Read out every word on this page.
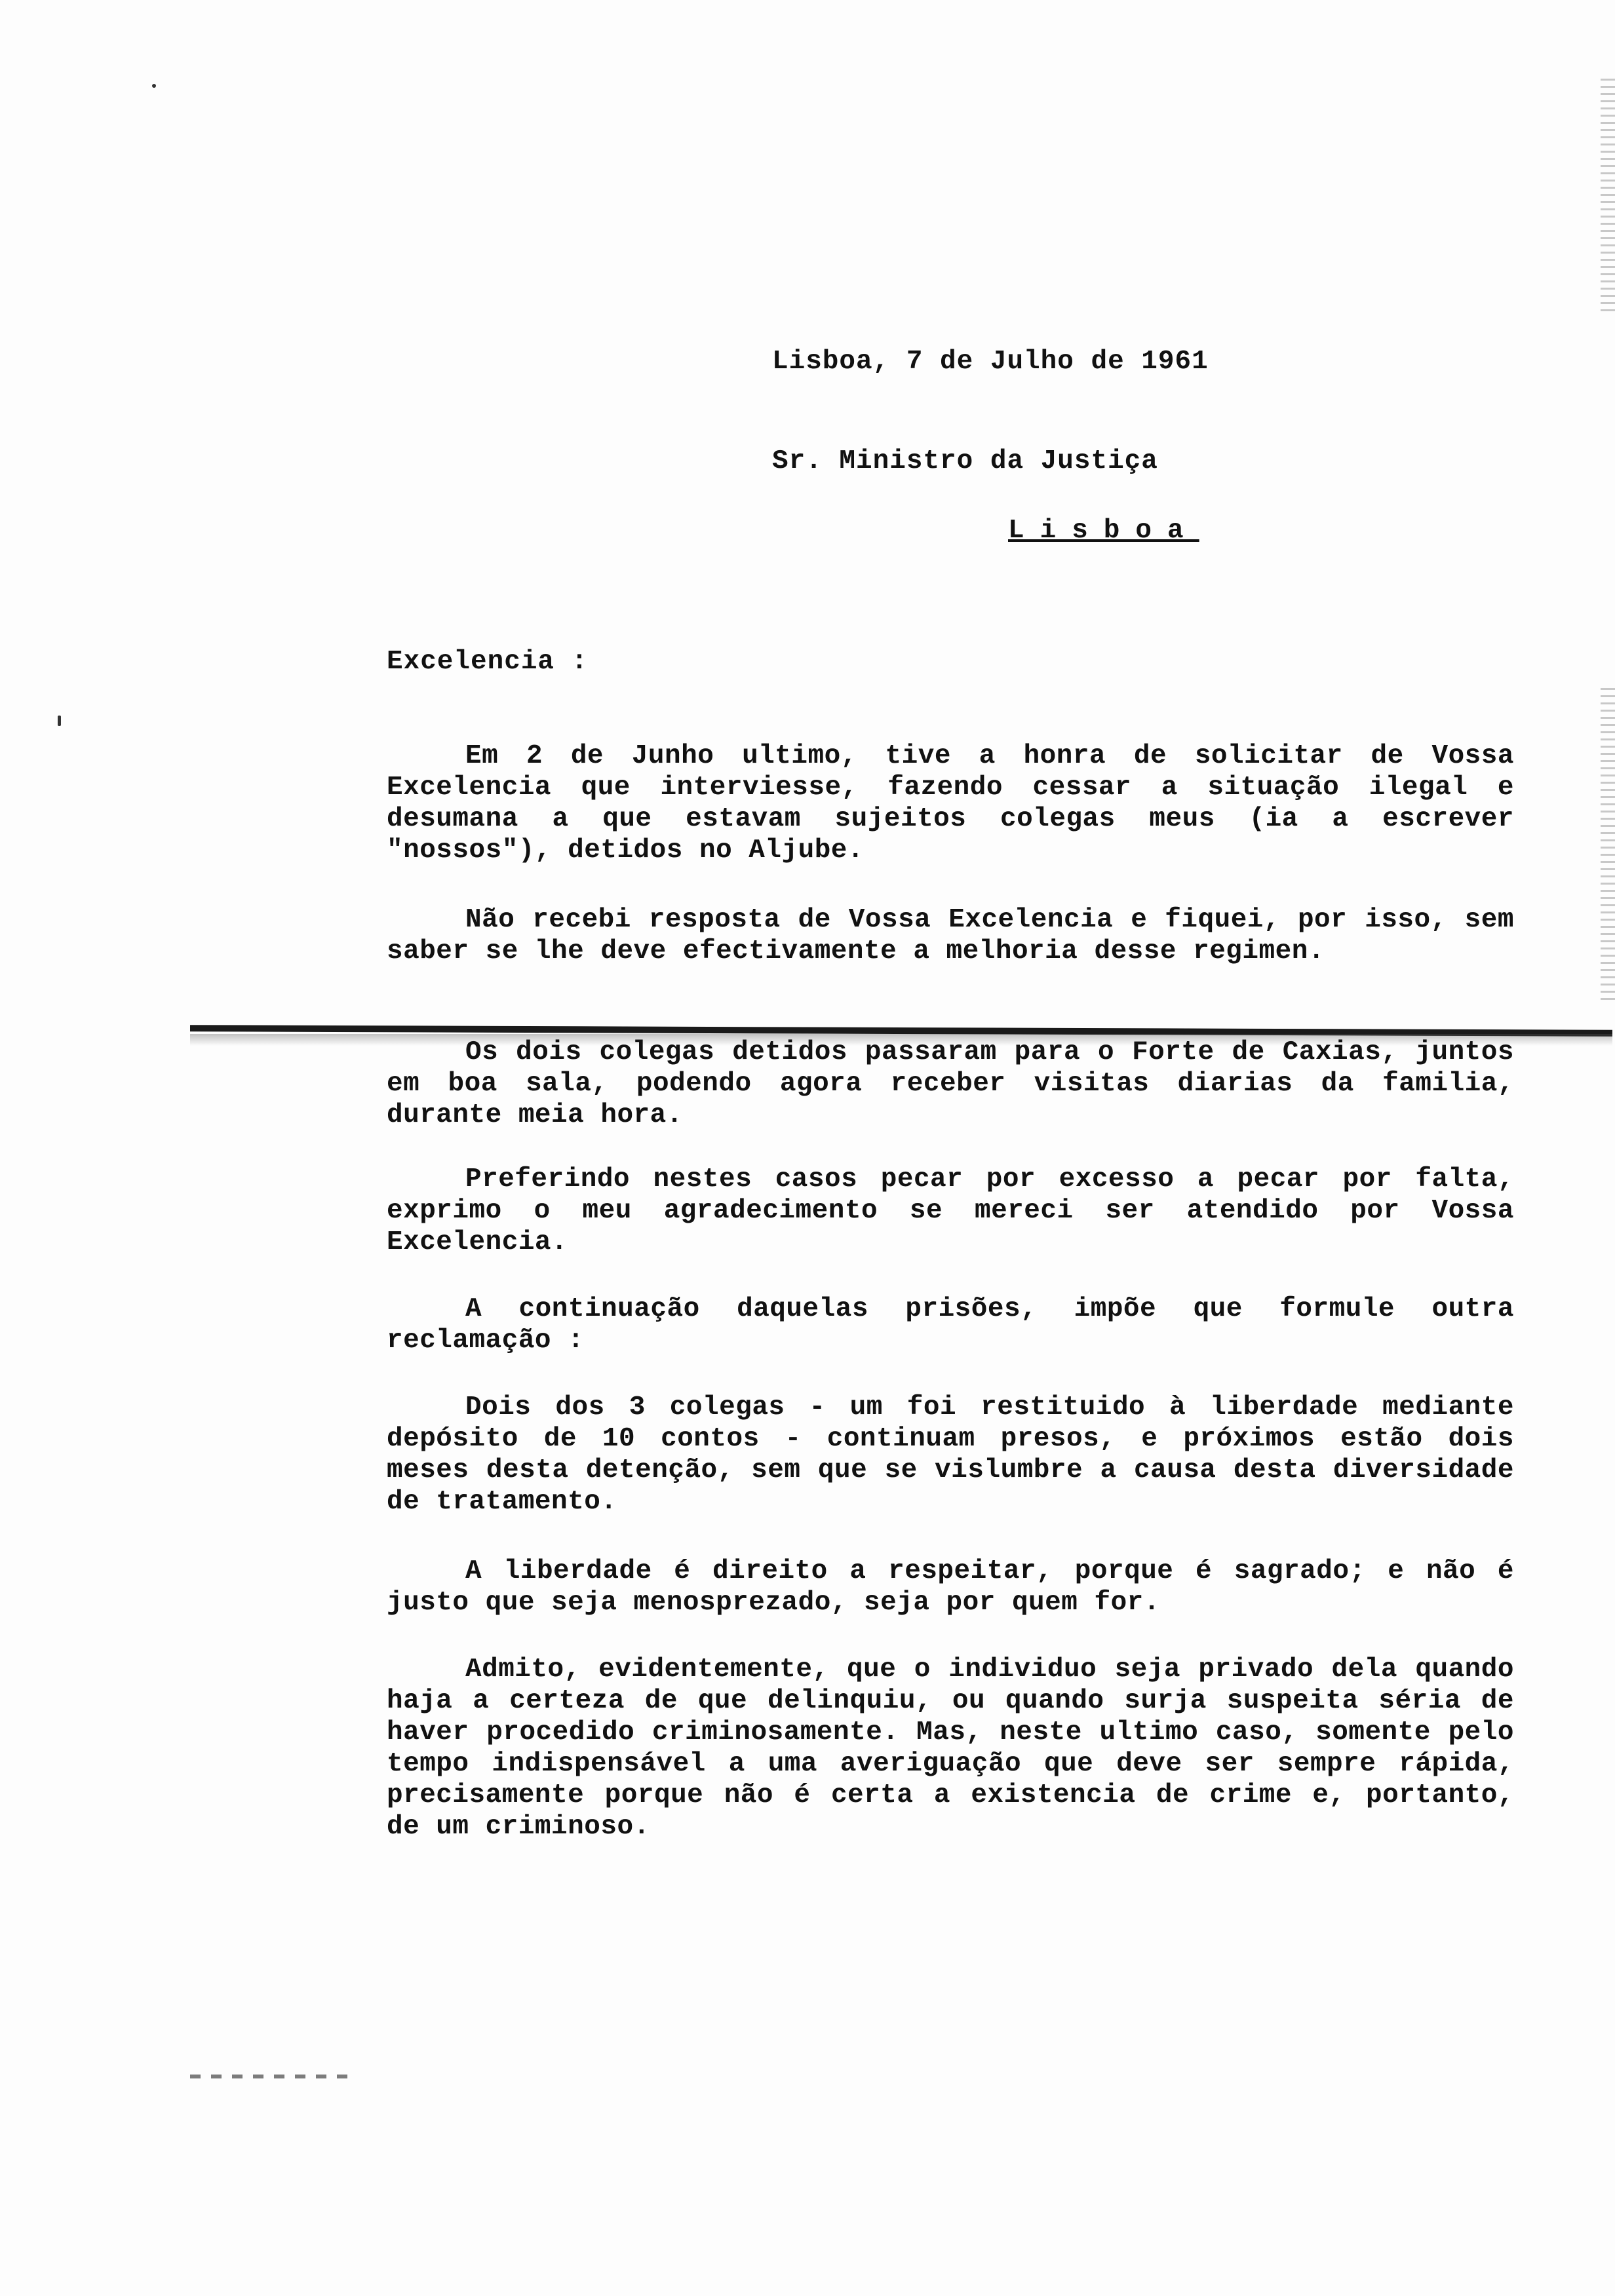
Lisboa, 7 de Julho de 1961
Sr. Ministro da Justiça
Lisboa
Excelencia :
Em 2 de Junho ultimo, tive a honra de solicitar de Vossa Excelencia que interviesse, fazendo cessar a situação ilegal e desumana a que estavam sujeitos colegas meus (ia a escrever "nossos"), detidos no Aljube.
Não recebi resposta de Vossa Excelencia e fiquei, por isso, sem saber se lhe deve efectivamente a melhoria desse regimen.
Os dois colegas detidos passaram para o Forte de Caxias, juntos em boa sala, podendo agora receber visitas diarias da familia, durante meia hora.
Preferindo nestes casos pecar por excesso a pecar por falta, exprimo o meu agradecimento se mereci ser atendido por Vossa Excelencia.
A continuação daquelas prisões, impõe que formule outra reclamação :
Dois dos 3 colegas - um foi restituido à liberdade mediante depósito de 10 contos - continuam presos, e próximos estão dois meses desta detenção, sem que se vislumbre a causa desta diversidade de tratamento.
A liberdade é direito a respeitar, porque é sagrado; e não é justo que seja menosprezado, seja por quem for.
Admito, evidentemente, que o individuo seja privado dela quando haja a certeza de que delinquiu, ou quando surja suspeita séria de haver procedido criminosamente. Mas, neste ultimo caso, somente pelo tempo indispensável a uma averiguação que deve ser sempre rápida, precisamente porque não é certa a existencia de crime e, portanto, de um criminoso.
